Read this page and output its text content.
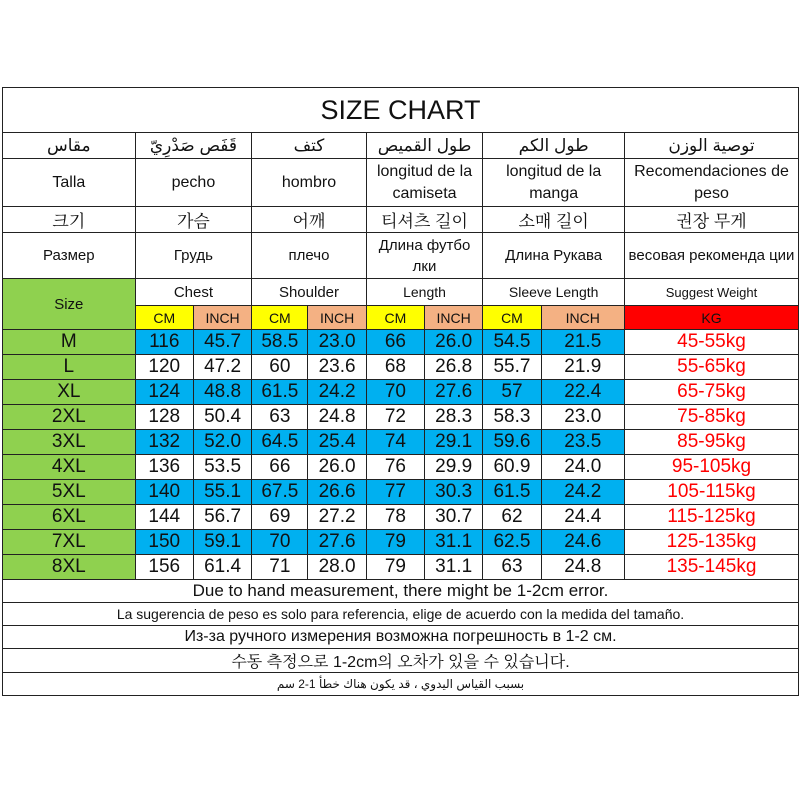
SIZE CHART									
مقاس	قَفَص صَدْرِيّ		كتف		طول القميص		طول الكم		توصية الوزن
Talla	pecho		hombro		longitud de la camiseta		longitud de la manga		Recomendaciones de peso
크기	가슴		어깨		티셔츠 길이		소매 길이		권장 무게
Размер	Грудь		плечо		Длина футбо лки		Длина Рукава		весовая рекоменда ции
Size	Chest		Shoulder		Length		Sleeve Length		Suggest Weight
	CM	INCH	CM	INCH	CM	INCH	CM	INCH	KG
M	116	45.7	58.5	23.0	66	26.0	54.5	21.5	45-55kg
L	120	47.2	60	23.6	68	26.8	55.7	21.9	55-65kg
XL	124	48.8	61.5	24.2	70	27.6	57	22.4	65-75kg
2XL	128	50.4	63	24.8	72	28.3	58.3	23.0	75-85kg
3XL	132	52.0	64.5	25.4	74	29.1	59.6	23.5	85-95kg
4XL	136	53.5	66	26.0	76	29.9	60.9	24.0	95-105kg
5XL	140	55.1	67.5	26.6	77	30.3	61.5	24.2	105-115kg
6XL	144	56.7	69	27.2	78	30.7	62	24.4	115-125kg
7XL	150	59.1	70	27.6	79	31.1	62.5	24.6	125-135kg
8XL	156	61.4	71	28.0	79	31.1	63	24.8	135-145kg
Due to hand measurement, there might be 1-2cm error.									
La sugerencia de peso es solo para referencia, elige de acuerdo con la medida del tamaño.									
Из-за ручного измерения возможна погрешность в 1-2 см.									
수동 측정으로 1-2cm의 오차가 있을 수 있습니다.									
بسبب القياس اليدوي ، قد يكون هناك خطأ 1-2 سم									
